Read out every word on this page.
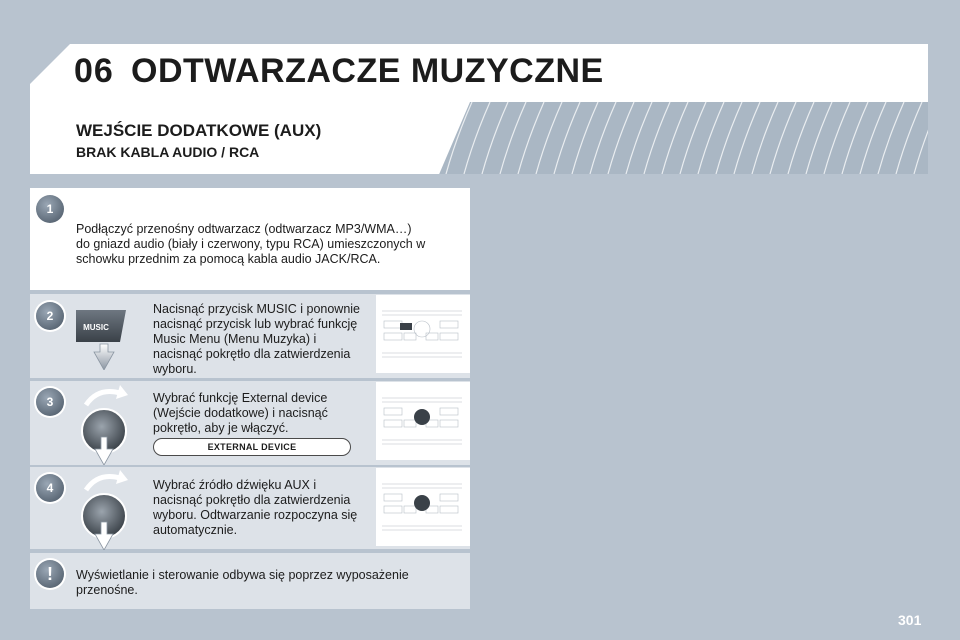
06 ODTWARZACZE MUZYCZNE
WEJŚCIE DODATKOWE (AUX)
BRAK KABLA AUDIO / RCA
1
Podłączyć przenośny odtwarzacz (odtwarzacz MP3/WMA…)
do gniazd audio (biały i czerwony, typu RCA) umieszczonych w
schowku przednim za pomocą kabla audio JACK/RCA.
2
MUSIC
Nacisnąć przycisk MUSIC i ponownie
nacisnąć przycisk lub wybrać funkcję
Music Menu (Menu Muzyka) i
nacisnąć pokrętło dla zatwierdzenia
wyboru.
3	Wybrać funkcję External device
(Wejście dodatkowe) i nacisnąć
pokrętło, aby je włączyć.
EXTERNAL DEVICE
4	Wybrać źródło dźwięku AUX i
nacisnąć pokrętło dla zatwierdzenia
wyboru. Odtwarzanie rozpoczyna się
automatycznie.
!	Wyświetlanie i sterowanie odbywa się poprzez wyposażenie
przenośne.
301
